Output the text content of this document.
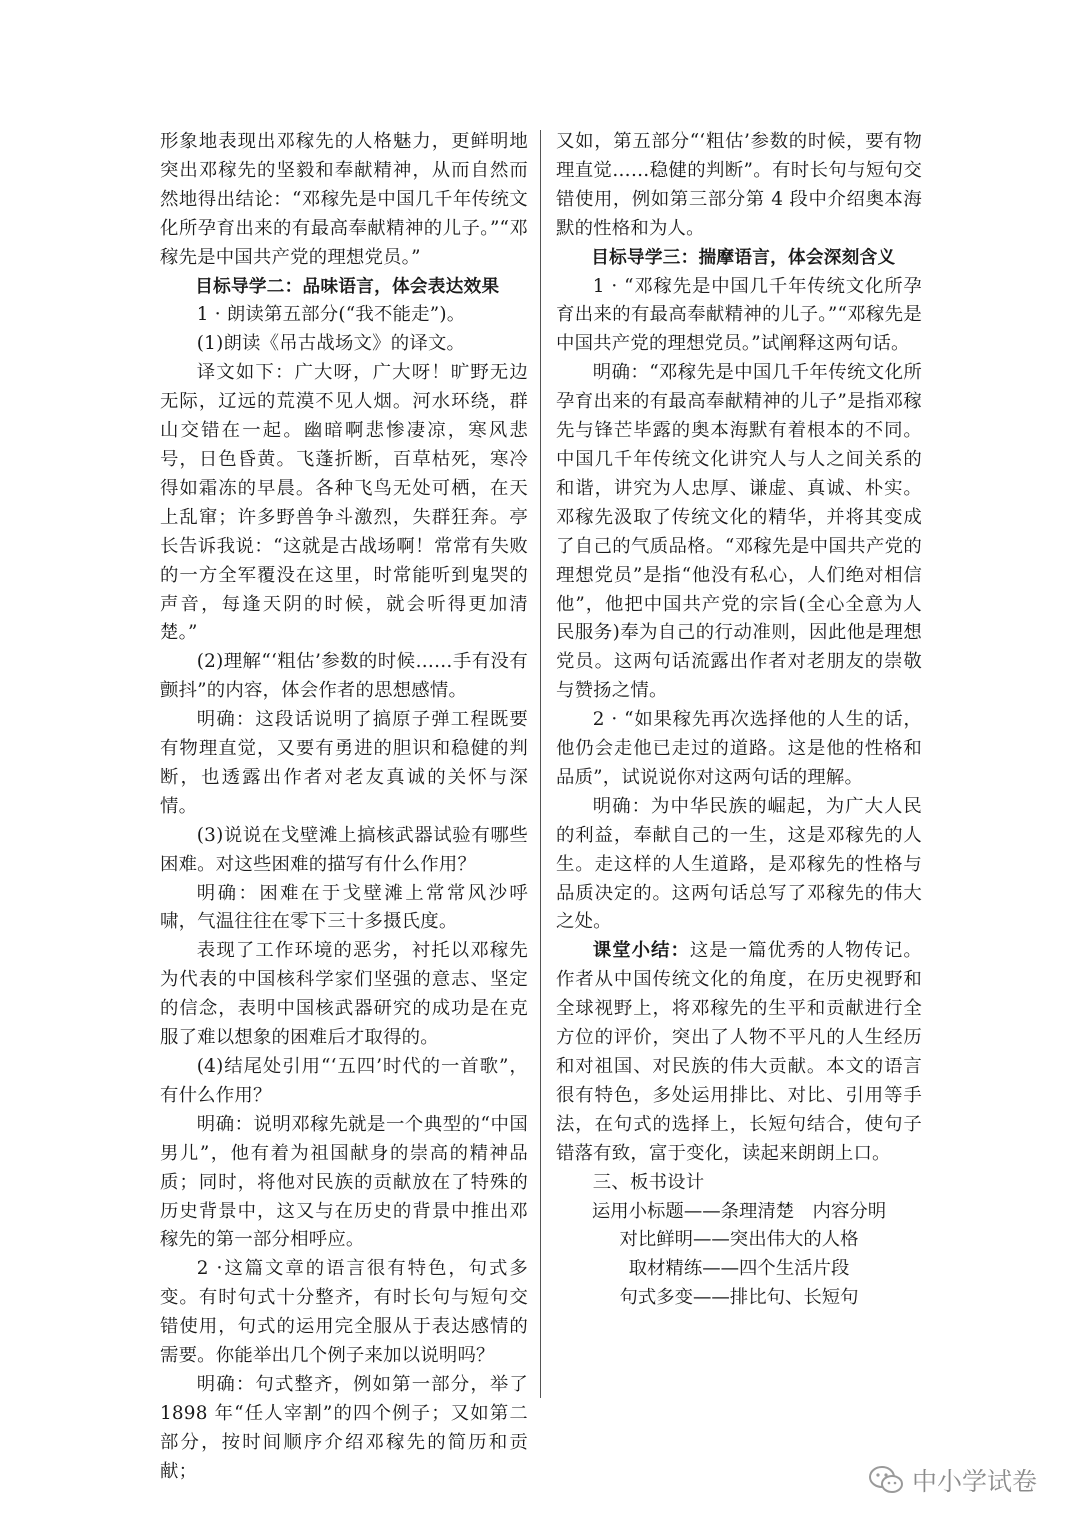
形象地表现出邓稼先的人格魅力，更鲜明地突出邓稼先的坚毅和奉献精神，从而自然而然地得出结论：“邓稼先是中国几千年传统文化所孕育出来的有最高奉献精神的儿子。”“邓稼先是中国共产党的理想党员。”

目标导学二：品味语言，体会表达效果

1 · 朗读第五部分(“我不能走”)。

(1)朗读《吊古战场文》的译文。

译文如下：广大呀，广大呀！旷野无边无际，辽远的荒漠不见人烟。河水环绕，群山交错在一起。幽暗啊悲惨凄凉，寒风悲号，日色昏黄。飞蓬折断，百草枯死，寒冷得如霜冻的早晨。各种飞鸟无处可栖，在天上乱窜；许多野兽争斗激烈，失群狂奔。亭长告诉我说：“这就是古战场啊！常常有失败的一方全军覆没在这里，时常能听到鬼哭的声音，每逢天阴的时候，就会听得更加清楚。”

(2)理解“‘粗估’参数的时候……手有没有颤抖”的内容，体会作者的思想感情。

明确：这段话说明了搞原子弹工程既要有物理直觉，又要有勇进的胆识和稳健的判断，也透露出作者对老友真诚的关怀与深情。

(3)说说在戈壁滩上搞核武器试验有哪些困难。对这些困难的描写有什么作用？

明确：困难在于戈壁滩上常常风沙呼啸，气温往往在零下三十多摄氏度。

表现了工作环境的恶劣，衬托以邓稼先为代表的中国核科学家们坚强的意志、坚定的信念，表明中国核武器研究的成功是在克服了难以想象的困难后才取得的。

(4)结尾处引用“‘五四’时代的一首歌”，有什么作用？

明确：说明邓稼先就是一个典型的“中国男儿”，他有着为祖国献身的崇高的精神品质；同时，将他对民族的贡献放在了特殊的历史背景中，这又与在历史的背景中推出邓稼先的第一部分相呼应。

2 ·这篇文章的语言很有特色，句式多变。有时句式十分整齐，有时长句与短句交错使用，句式的运用完全服从于表达感情的需要。你能举出几个例子来加以说明吗？

明确：句式整齐，例如第一部分，举了1898 年“任人宰割”的四个例子；又如第二部分，按时间顺序介绍邓稼先的简历和贡献；

又如，第五部分“‘粗估’参数的时候，要有物理直觉……稳健的判断”。有时长句与短句交错使用，例如第三部分第 4 段中介绍奥本海默的性格和为人。

目标导学三：揣摩语言，体会深刻含义

1 · “邓稼先是中国几千年传统文化所孕育出来的有最高奉献精神的儿子。”“邓稼先是中国共产党的理想党员。”试阐释这两句话。

明确：“邓稼先是中国几千年传统文化所孕育出来的有最高奉献精神的儿子”是指邓稼先与锋芒毕露的奥本海默有着根本的不同。中国几千年传统文化讲究人与人之间关系的和谐，讲究为人忠厚、谦虚、真诚、朴实。邓稼先汲取了传统文化的精华，并将其变成了自己的气质品格。“邓稼先是中国共产党的理想党员”是指“他没有私心，人们绝对相信他”，他把中国共产党的宗旨(全心全意为人民服务)奉为自己的行动准则，因此他是理想党员。这两句话流露出作者对老朋友的崇敬与赞扬之情。

2 · “如果稼先再次选择他的人生的话，他仍会走他已走过的道路。这是他的性格和品质”，试说说你对这两句话的理解。

明确：为中华民族的崛起，为广大人民的利益，奉献自己的一生，这是邓稼先的人生。走这样的人生道路，是邓稼先的性格与品质决定的。这两句话总写了邓稼先的伟大之处。

课堂小结：这是一篇优秀的人物传记。作者从中国传统文化的角度，在历史视野和全球视野上，将邓稼先的生平和贡献进行全方位的评价，突出了人物不平凡的人生经历和对祖国、对民族的伟大贡献。本文的语言很有特色，多处运用排比、对比、引用等手法，在句式的选择上，长短句结合，使句子错落有致，富于变化，读起来朗朗上口。

三、板书设计

运用小标题——条理清楚　内容分明

对比鲜明——突出伟大的人格

取材精练——四个生活片段

句式多变——排比句、长短句

中小学试卷
